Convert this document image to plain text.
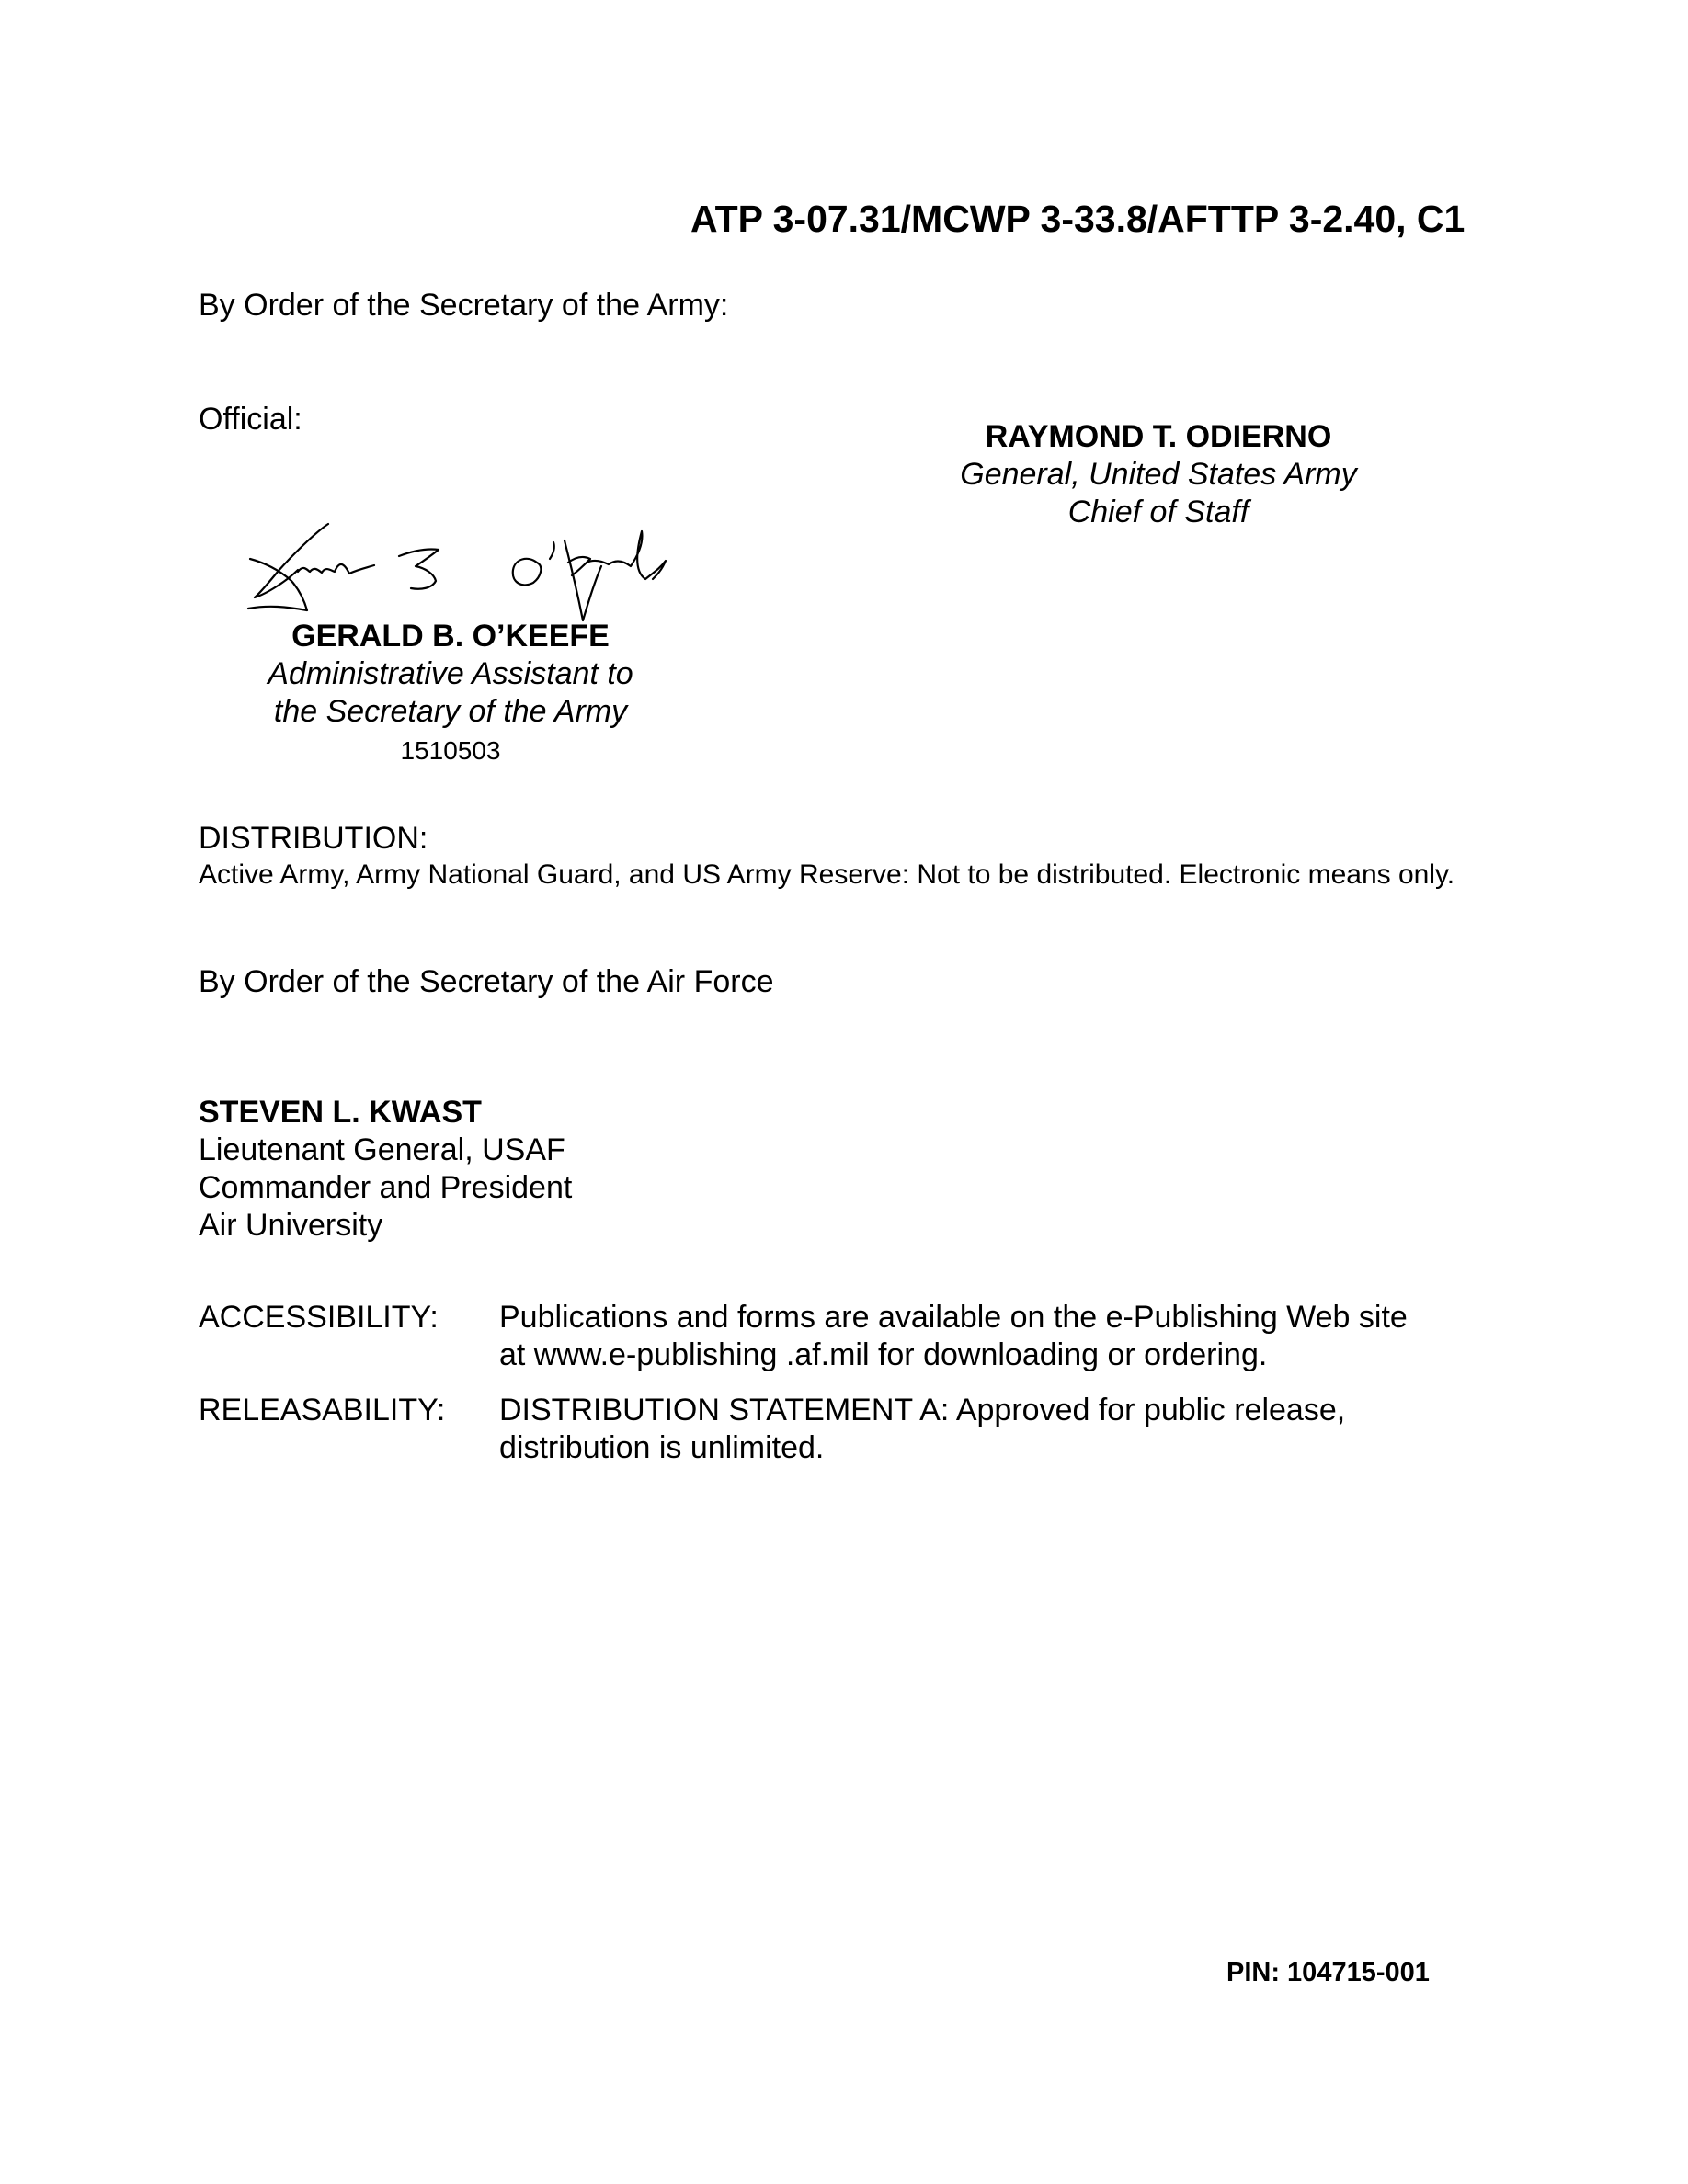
ATP 3-07.31/MCWP 3-33.8/AFTTP 3-2.40, C1
By Order of the Secretary of the Army:
Official:	RAYMOND T. ODIERNO
General, United States Army
Chief of Staff
GERALD B. O’KEEFE
Administrative Assistant to
the Secretary of the Army
1510503
DISTRIBUTION:
Active Army, Army National Guard, and US Army Reserve: Not to be distributed. Electronic means only.
By Order of the Secretary of the Air Force
STEVEN L. KWAST
Lieutenant General, USAF
Commander and President
Air University
ACCESSIBILITY: Publications and forms are available on the e-Publishing Web site
at www.e-publishing .af.mil for downloading or ordering.
RELEASABILITY: DISTRIBUTION STATEMENT A: Approved for public release,
distribution is unlimited.
PIN: 104715-001
